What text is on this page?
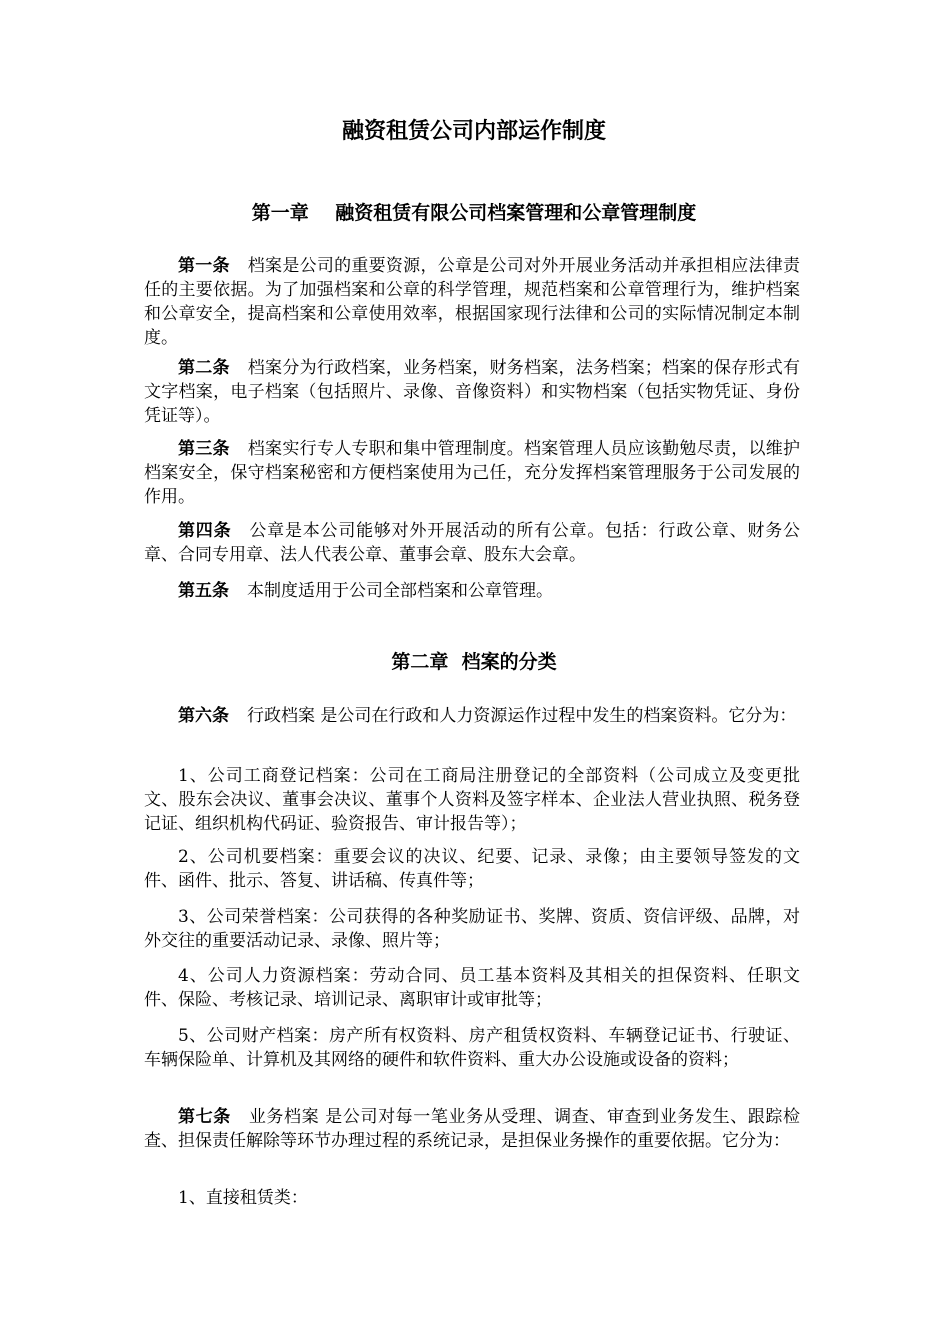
融资租赁公司内部运作制度
第一章    融资租赁有限公司档案管理和公章管理制度

第一条 档案是公司的重要资源，公章是公司对外开展业务活动并承担相应法律责任的主要依据。为了加强档案和公章的科学管理，规范档案和公章管理行为，维护档案和公章安全，提高档案和公章使用效率，根据国家现行法律和公司的实际情况制定本制度。

第二条 档案分为行政档案，业务档案，财务档案，法务档案；档案的保存形式有文字档案，电子档案（包括照片、录像、音像资料）和实物档案（包括实物凭证、身份凭证等）。

第三条 档案实行专人专职和集中管理制度。档案管理人员应该勤勉尽责，以维护档案安全，保守档案秘密和方便档案使用为己任，充分发挥档案管理服务于公司发展的作用。

第四条 公章是本公司能够对外开展活动的所有公章。包括：行政公章、财务公章、合同专用章、法人代表公章、董事会章、股东大会章。

第五条 本制度适用于公司全部档案和公章管理。

第二章  档案的分类

第六条 行政档案 是公司在行政和人力资源运作过程中发生的档案资料。它分为：

1、公司工商登记档案：公司在工商局注册登记的全部资料（公司成立及变更批文、股东会决议、董事会决议、董事个人资料及签字样本、企业法人营业执照、税务登记证、组织机构代码证、验资报告、审计报告等）；

2、公司机要档案：重要会议的决议、纪要、记录、录像；由主要领导签发的文件、函件、批示、答复、讲话稿、传真件等；

3、公司荣誉档案：公司获得的各种奖励证书、奖牌、资质、资信评级、品牌，对外交往的重要活动记录、录像、照片等；

4、公司人力资源档案：劳动合同、员工基本资料及其相关的担保资料、任职文件、保险、考核记录、培训记录、离职审计或审批等；

5、公司财产档案：房产所有权资料、房产租赁权资料、车辆登记证书、行驶证、车辆保险单、计算机及其网络的硬件和软件资料、重大办公设施或设备的资料；

第七条 业务档案 是公司对每一笔业务从受理、调查、审查到业务发生、跟踪检查、担保责任解除等环节办理过程的系统记录，是担保业务操作的重要依据。它分为：

1、直接租赁类：
